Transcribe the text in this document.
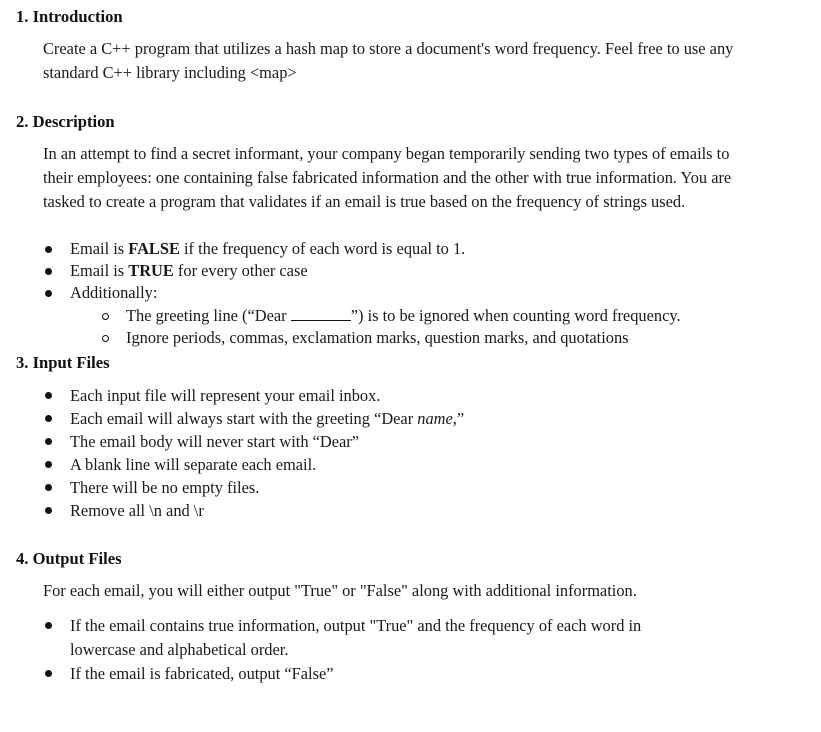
1. Introduction

Create a C++ program that utilizes a hash map to store a document's word frequency. Feel free to use any standard C++ library including <map>

2. Description

In an attempt to find a secret informant, your company began temporarily sending two types of emails to their employees: one containing false fabricated information and the other with true information. You are tasked to create a program that validates if an email is true based on the frequency of strings used.

Email is FALSE if the frequency of each word is equal to 1.
Email is TRUE for every other case
Additionally:
The greeting line (“Dear	”) is to be ignored when counting word frequency.
Ignore periods, commas, exclamation marks, question marks, and quotations
3. Input Files
Each input file will represent your email inbox.
Each email will always start with the greeting “Dear name,”
The email body will never start with “Dear”
A blank line will separate each email.
There will be no empty files.
Remove all \n and \r
4. Output Files

For each email, you will either output "True" or "False" along with additional information.

If the email contains true information, output "True" and the frequency of each word in
lowercase and alphabetical order.
If the email is fabricated, output “False”
